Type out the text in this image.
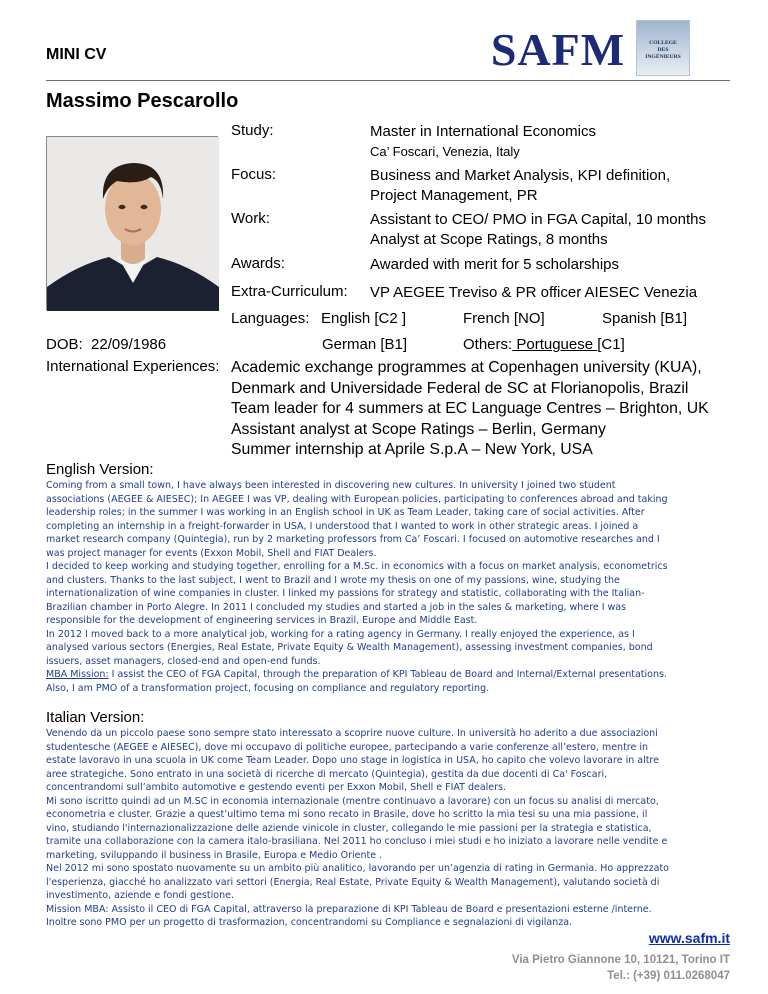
MINI CV	SAFM	COLLEGE
DES
INGÉNIEURS
Massimo Pescarollo
Study:	Master in International Economics
Ca’ Foscari, Venezia, Italy
Focus:	Business and Market Analysis, KPI definition,
Project Management, PR
Work:	Assistant to CEO/ PMO in FGA Capital, 10 months
Analyst at Scope Ratings, 8 months
Awards:	Awarded with merit for 5 scholarships
Extra-Curriculum: VP AEGEE Treviso & PR officer AIESEC Venezia
Languages: English [C2 ]	French [NO]	Spanish [B1]
DOB: 22/09/1986	German [B1]	Others: Portuguese [C1]
International Experiences: Academic exchange programmes at Copenhagen university (KUA),
Denmark and Universidade Federal de SC at Florianopolis, Brazil
Team leader for 4 summers at EC Language Centres – Brighton, UK
Assistant analyst at Scope Ratings – Berlin, Germany
Summer internship at Aprile S.p.A – New York, USA
English Version:

Coming from a small town, I have always been interested in discovering new cultures. In university I joined two student

associations (AEGEE & AIESEC); In AEGEE I was VP, dealing with European policies, participating to conferences abroad and taking

leadership roles; in the summer I was working in an English school in UK as Team Leader, taking care of social activities. After

completing an internship in a freight-forwarder in USA, I understood that I wanted to work in other strategic areas. I joined a

market research company (Quintegia), run by 2 marketing professors from Ca’ Foscari. I focused on automotive researches and I

was project manager for events (Exxon Mobil, Shell and FIAT Dealers.

I decided to keep working and studying together, enrolling for a M.Sc. in economics with a focus on market analysis, econometrics

and clusters. Thanks to the last subject, I went to Brazil and I wrote my thesis on one of my passions, wine, studying the

internationalization of wine companies in cluster. I linked my passions for strategy and statistic, collaborating with the Italian-

Brazilian chamber in Porto Alegre. In 2011 I concluded my studies and started a job in the sales & marketing, where I was

responsible for the development of engineering services in Brazil, Europe and Middle East.

In 2012 I moved back to a more analytical job, working for a rating agency in Germany. I really enjoyed the experience, as I

analysed various sectors (Energies, Real Estate, Private Equity & Wealth Management), assessing investment companies, bond

issuers, asset managers, closed-end and open-end funds.

MBA Mission: I assist the CEO of FGA Capital, through the preparation of KPI Tableau de Board and Internal/External presentations.

Also, I am PMO of a transformation project, focusing on compliance and regulatory reporting.

Italian Version:

Venendo da un piccolo paese sono sempre stato interessato a scoprire nuove culture. In università ho aderito a due associazioni

studentesche (AEGEE e AIESEC), dove mi occupavo di politiche europee, partecipando a varie conferenze all’estero, mentre in

estate lavoravo in una scuola in UK come Team Leader. Dopo uno stage in logistica in USA, ho capito che volevo lavorare in altre

aree strategiche. Sono entrato in una società di ricerche di mercato (Quintegia), gestita da due docenti di Ca' Foscari,

concentrandomi sull’ambito automotive e gestendo eventi per Exxon Mobil, Shell e FIAT dealers.

Mi sono iscritto quindi ad un M.SC in economia internazionale (mentre continuavo a lavorare) con un focus su analisi di mercato,

econometria e cluster. Grazie a quest’ultimo tema mi sono recato in Brasile, dove ho scritto la mia tesi su una mia passione, il

vino, studiando l'internazionalizzazione delle aziende vinicole in cluster, collegando le mie passioni per la strategia e statistica,

tramite una collaborazione con la camera italo-brasiliana. Nel 2011 ho concluso i miei studi e ho iniziato a lavorare nelle vendite e

marketing, sviluppando il business in Brasile, Europa e Medio Oriente .

Nel 2012 mi sono spostato nuovamente su un ambito più analitico, lavorando per un’agenzia di rating in Germania. Ho apprezzato

l'esperienza, giacché ho analizzato vari settori (Energia, Real Estate, Private Equity & Wealth Management), valutando società di

investimento, aziende e fondi gestione.

Mission MBA: Assisto il CEO di FGA Capital, attraverso la preparazione di KPI Tableau de Board e presentazioni esterne /interne.

Inoltre sono PMO per un progetto di trasformazion, concentrandomi su Compliance e segnalazioni di vigilanza.

www.safm.it
Via Pietro Giannone 10, 10121, Torino IT
Tel.: (+39) 011.0268047
